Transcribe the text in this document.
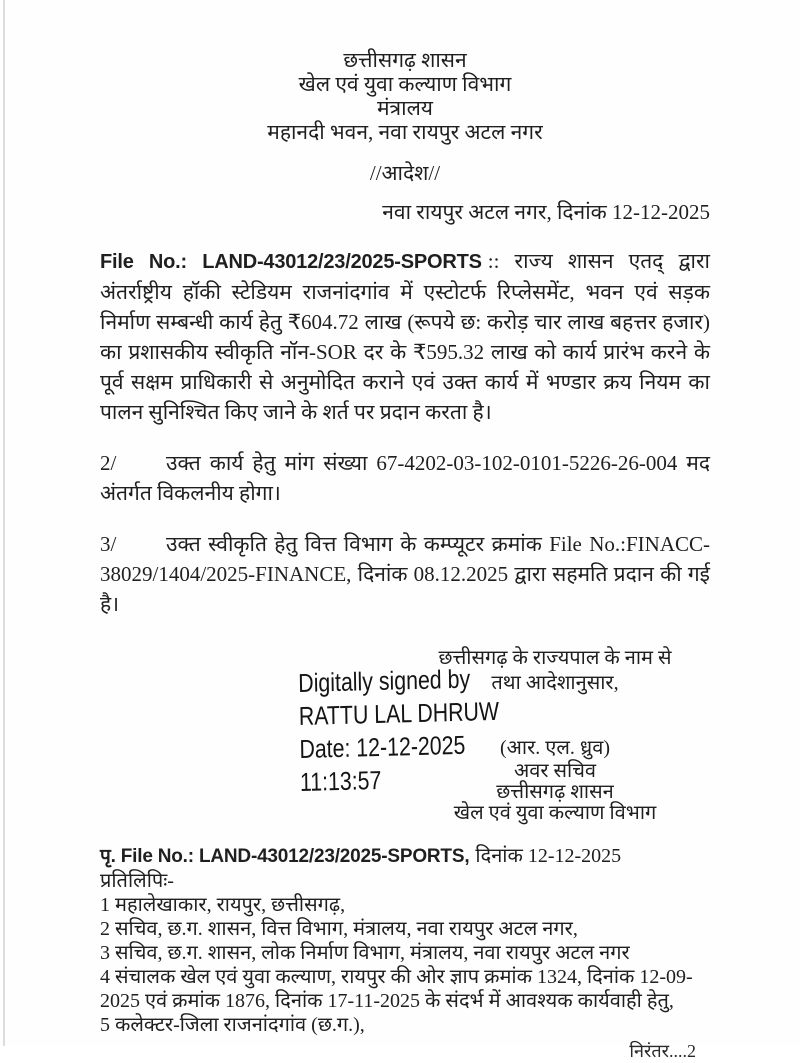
छत्तीसगढ़ शासन
खेल एवं युवा कल्याण विभाग
मंत्रालय
महानदी भवन, नवा रायपुर अटल नगर
//आदेश//
नवा रायपुर अटल नगर, दिनांक 12-12-2025

File No.: LAND-43012/23/2025-SPORTS :: राज्य शासन एतद् द्वारा अंतर्राष्ट्रीय हॉकी स्टेडियम राजनांदगांव में एस्टोटर्फ रिप्लेसमेंट, भवन एवं सड़क निर्माण सम्बन्धी कार्य हेतु ₹604.72 लाख (रूपये छ: करोड़ चार लाख बहत्तर हजार) का प्रशासकीय स्वीकृति नॉन-SOR दर के ₹595.32 लाख को कार्य प्रारंभ करने के पूर्व सक्षम प्राधिकारी से अनुमोदित कराने एवं उक्त कार्य में भण्डार क्रय नियम का पालन सुनिश्चित किए जाने के शर्त पर प्रदान करता है।

2/ उक्त कार्य हेतु मांग संख्या 67-4202-03-102-0101-5226-26-004 मद अंतर्गत विकलनीय होगा।

3/ उक्त स्वीकृति हेतु वित्त विभाग के कम्प्यूटर क्रमांक File No.:FINACC-38029/1404/2025-FINANCE, दिनांक 08.12.2025 द्वारा सहमति प्रदान की गई है।

Digitally signed by
RATTU LAL DHRUW
Date: 12-12-2025
11:13:57
छत्तीसगढ़ के राज्यपाल के नाम से
तथा आदेशानुसार,
(आर. एल. ध्रुव)
अवर सचिव
छत्तीसगढ़ शासन
खेल एवं युवा कल्याण विभाग
पृ. File No.: LAND-43012/23/2025-SPORTS, दिनांक 12-12-2025
प्रतिलिपिः-
1 महालेखाकार, रायपुर, छत्तीसगढ़,
2 सचिव, छ.ग. शासन, वित्त विभाग, मंत्रालय, नवा रायपुर अटल नगर,
3 सचिव, छ.ग. शासन, लोक निर्माण विभाग, मंत्रालय, नवा रायपुर अटल नगर
4 संचालक खेल एवं युवा कल्याण, रायपुर की ओर ज्ञाप क्रमांक 1324, दिनांक 12-09-2025 एवं क्रमांक 1876, दिनांक 17-11-2025 के संदर्भ में आवश्यक कार्यवाही हेतु,
5 कलेक्टर-जिला राजनांदगांव (छ.ग.),
निरंतर....2
